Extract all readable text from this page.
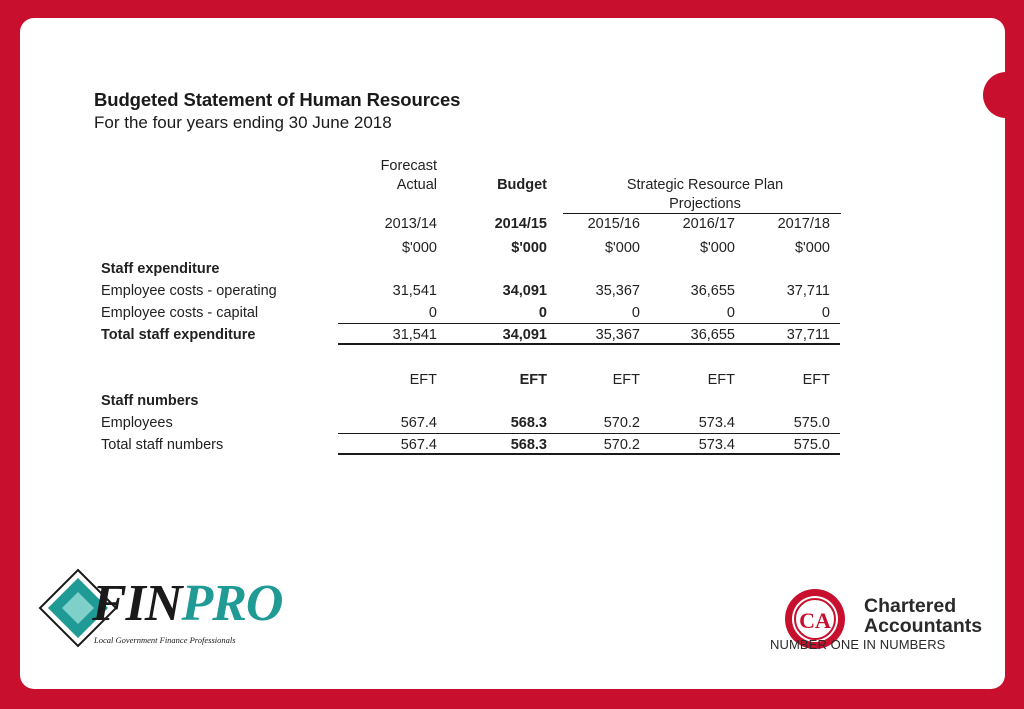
Budgeted Statement of Human Resources
For the four years ending 30 June 2018
Forecast
Actual	Budget	Strategic Resource Plan
Projections
2013/14	2014/15	2015/16	2016/17	2017/18
$'000	$'000	$'000	$'000	$'000
Staff expenditure
Employee costs - operating	31,541	34,091	35,367	36,655	37,711
Employee costs - capital	0	0	0	0	0
Total staff expenditure	31,541	34,091	35,367	36,655	37,711
EFT	EFT	EFT	EFT	EFT
Staff numbers
Employees	567.4	568.3	570.2	573.4	575.0
Total staff numbers	567.4	568.3	570.2	573.4	575.0
FINPRO
Local Government Finance Professionals
CA
Chartered
Accountants
NUMBER ONE IN NUMBERS
